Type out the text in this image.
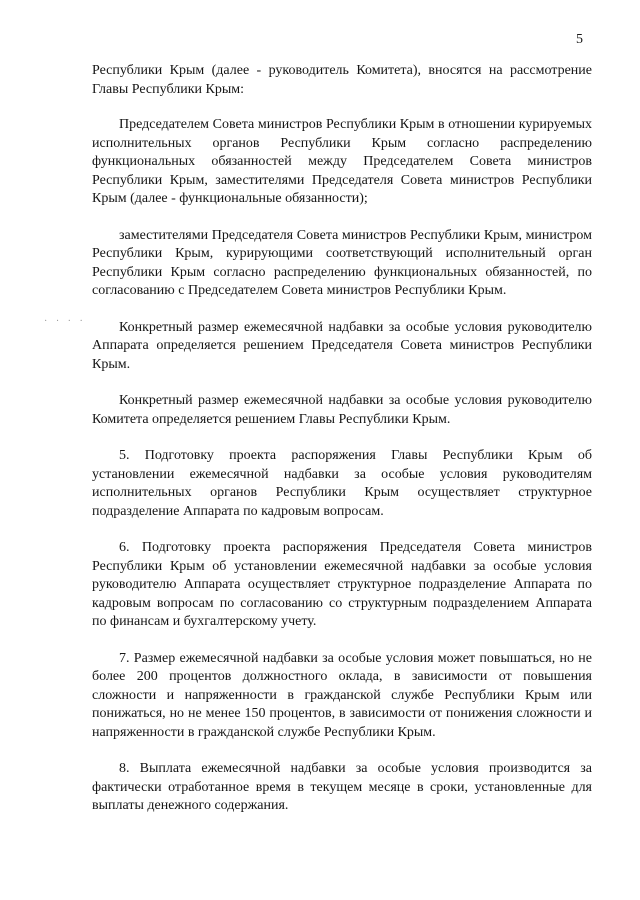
5
· · · ·

Республики Крым (далее - руководитель Комитета), вносятся на рассмотрение Главы Республики Крым:

Председателем Совета министров Республики Крым в отношении курируемых исполнительных органов Республики Крым согласно распределению функциональных обязанностей между Председателем Совета министров Республики Крым, заместителями Председателя Совета министров Республики Крым (далее - функциональные обязанности);

заместителями Председателя Совета министров Республики Крым, министром Республики Крым, курирующими соответствующий исполнительный орган Республики Крым согласно распределению функциональных обязанностей, по согласованию с Председателем Совета министров Республики Крым.

Конкретный размер ежемесячной надбавки за особые условия руководителю Аппарата определяется решением Председателя Совета министров Республики Крым.

Конкретный размер ежемесячной надбавки за особые условия руководителю Комитета определяется решением Главы Республики Крым.

5. Подготовку проекта распоряжения Главы Республики Крым об установлении ежемесячной надбавки за особые условия руководителям исполнительных органов Республики Крым осуществляет структурное подразделение Аппарата по кадровым вопросам.

6. Подготовку проекта распоряжения Председателя Совета министров Республики Крым об установлении ежемесячной надбавки за особые условия руководителю Аппарата осуществляет структурное подразделение Аппарата по кадровым вопросам по согласованию со структурным подразделением Аппарата по финансам и бухгалтерскому учету.

7. Размер ежемесячной надбавки за особые условия может повышаться, но не более 200 процентов должностного оклада, в зависимости от повышения сложности и напряженности в гражданской службе Республики Крым или понижаться, но не менее 150 процентов, в зависимости от понижения сложности и напряженности в гражданской службе Республики Крым.

8. Выплата ежемесячной надбавки за особые условия производится за фактически отработанное время в текущем месяце в сроки, установленные для выплаты денежного содержания.
